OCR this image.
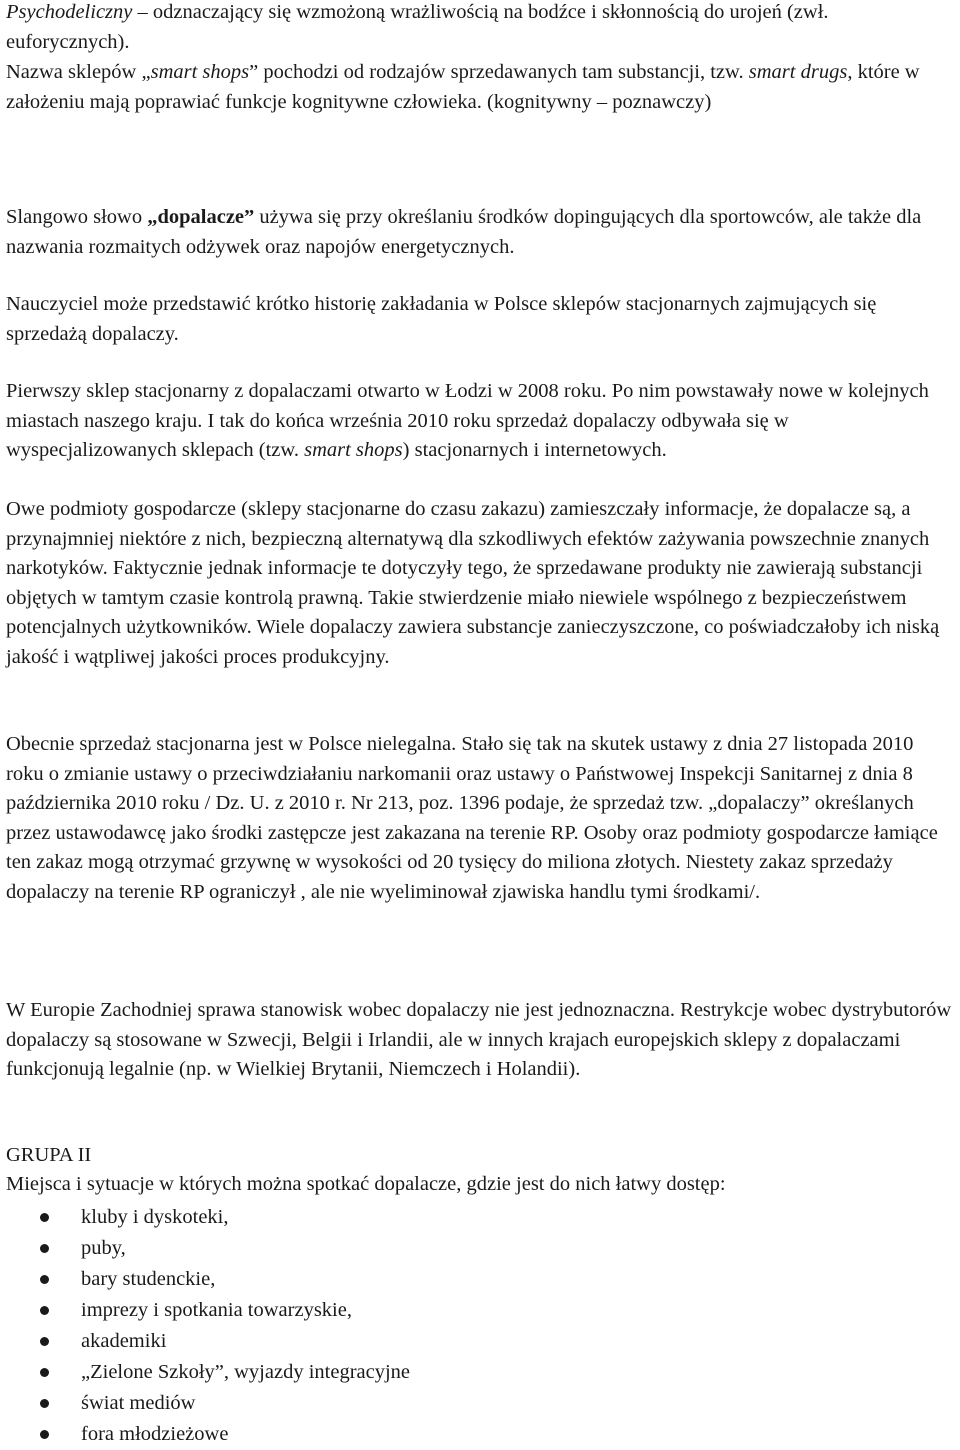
Psychodeliczny – odznaczający się wzmożoną wrażliwością na bodźce i skłonnością do urojeń (zwł. euforycznych).

Nazwa sklepów „smart shops” pochodzi od rodzajów sprzedawanych tam substancji, tzw. smart drugs, które w założeniu mają poprawiać funkcje kognitywne człowieka. (kognitywny – poznawczy)

Slangowo słowo „dopalacze” używa się przy określaniu środków dopingujących dla sportowców, ale także dla nazwania rozmaitych odżywek oraz napojów energetycznych.

Nauczyciel może przedstawić krótko historię zakładania w Polsce sklepów stacjonarnych zajmujących się sprzedażą dopalaczy.

Pierwszy sklep stacjonarny z dopalaczami otwarto w Łodzi w 2008 roku. Po nim powstawały nowe w kolejnych miastach naszego kraju. I tak do końca września 2010 roku sprzedaż dopalaczy odbywała się w wyspecjalizowanych sklepach (tzw. smart shops) stacjonarnych i internetowych.

Owe podmioty gospodarcze (sklepy stacjonarne do czasu zakazu) zamieszczały informacje, że dopalacze są, a przynajmniej niektóre z nich, bezpieczną alternatywą dla szkodliwych efektów zażywania powszechnie znanych narkotyków. Faktycznie jednak informacje te dotyczyły tego, że sprzedawane produkty nie zawierają substancji objętych w tamtym czasie kontrolą prawną. Takie stwierdzenie miało niewiele wspólnego z bezpieczeństwem potencjalnych użytkowników. Wiele dopalaczy zawiera substancje zanieczyszczone, co poświadczałoby ich niską jakość i wątpliwej jakości proces produkcyjny.

Obecnie sprzedaż stacjonarna jest w Polsce nielegalna. Stało się tak na skutek ustawy z dnia 27 listopada 2010 roku o zmianie ustawy o przeciwdziałaniu narkomanii oraz ustawy o Państwowej Inspekcji Sanitarnej z dnia 8 października 2010 roku / Dz. U. z 2010 r. Nr 213, poz. 1396 podaje, że sprzedaż tzw. „dopalaczy” określanych przez ustawodawcę jako środki zastępcze jest zakazana na terenie RP. Osoby oraz podmioty gospodarcze łamiące ten zakaz mogą otrzymać grzywnę w wysokości od 20 tysięcy do miliona złotych. Niestety zakaz sprzedaży dopalaczy na terenie RP ograniczył , ale nie wyeliminował zjawiska handlu tymi środkami/.

W Europie Zachodniej sprawa stanowisk wobec dopalaczy nie jest jednoznaczna. Restrykcje wobec dystrybutorów dopalaczy są stosowane w Szwecji, Belgii i Irlandii, ale w innych krajach europejskich sklepy z dopalaczami funkcjonują legalnie (np. w Wielkiej Brytanii, Niemczech i Holandii).

GRUPA II

Miejsca i sytuacje w których można spotkać dopalacze, gdzie jest do nich łatwy dostęp:

kluby i dyskoteki,
puby,
bary studenckie,
imprezy i spotkania towarzyskie,
akademiki
„Zielone Szkoły”, wyjazdy integracyjne
świat mediów
fora młodzieżowe
